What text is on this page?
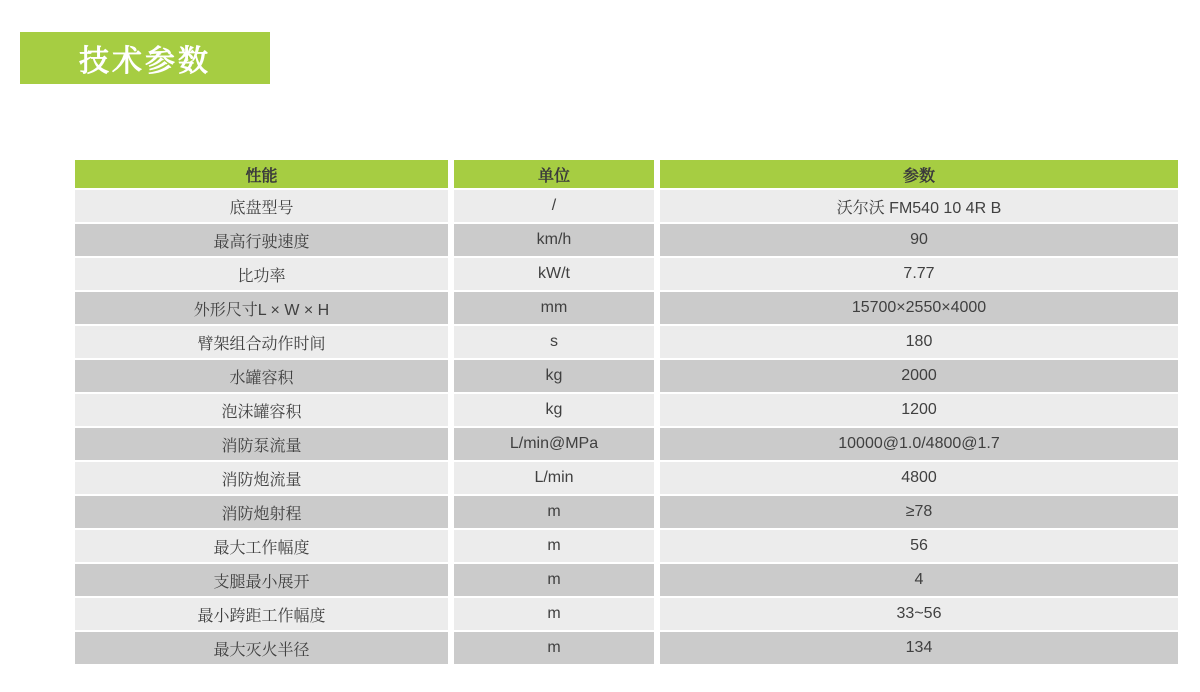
技术参数
性能	单位	参数
底盘型号	/	沃尔沃 FM540 10 4R B
最高行驶速度	km/h	90
比功率	kW/t	7.77
外形尺寸L × W × H	mm	15700×2550×4000
臂架组合动作时间	s	180
水罐容积	kg	2000
泡沫罐容积	kg	1200
消防泵流量	L/min@MPa	10000@1.0/4800@1.7
消防炮流量	L/min	4800
消防炮射程	m	≥78
最大工作幅度	m	56
支腿最小展开	m	4
最小跨距工作幅度	m	33~56
最大灭火半径	m	134
